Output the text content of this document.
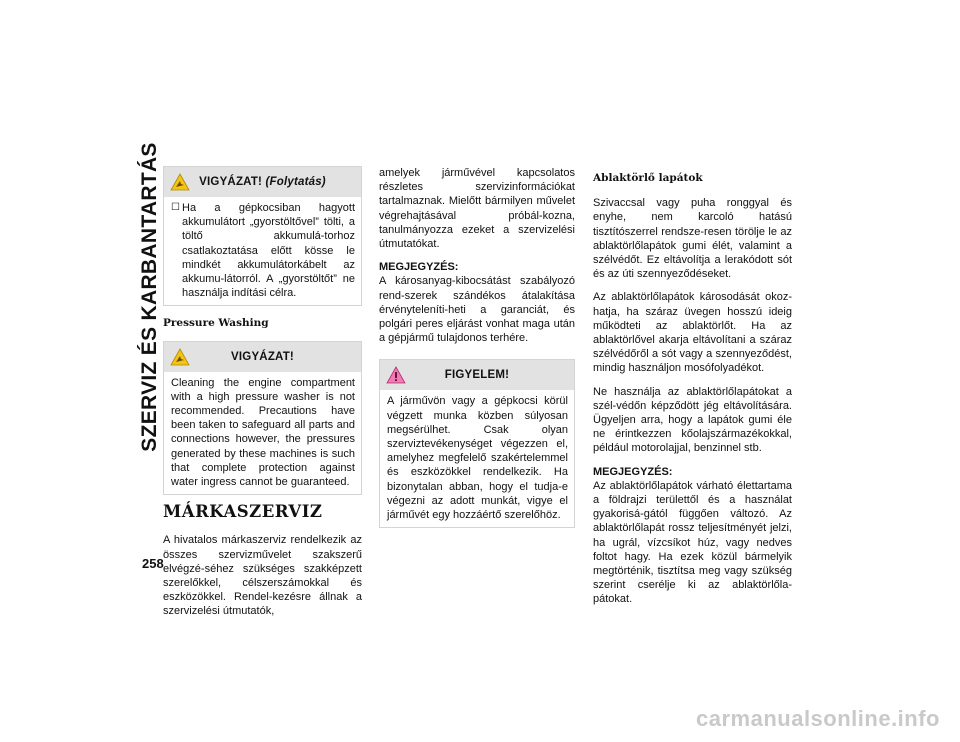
SZERVIZ ÉS KARBANTARTÁS
258
VIGYÁZAT! (Folytatás)
☐ Ha a gépkocsiban hagyott akkumulátort „gyorstöltővel” tölti, a töltő akkumulá-torhoz csatlakoztatása előtt kösse le mindkét akkumulátorkábelt az akkumu-látorról. A „gyorstöltőt” ne használja indítási célra.
Pressure Washing
VIGYÁZAT!
Cleaning the engine compartment with a high pressure washer is not recommended. Precautions have been taken to safeguard all parts and connections however, the pressures generated by these machines is such that complete protection against water ingress cannot be guaranteed.
MÁRKASZERVIZ

A hivatalos márkaszerviz rendelkezik az összes szervizművelet szakszerű elvégzé-séhez szükséges szakképzett szerelőkkel, célszerszámokkal és eszközökkel. Rendel-kezésre állnak a szervizelési útmutatók,

amelyek járművével kapcsolatos részletes szervizinformációkat tartalmaznak. Mielőtt bármilyen művelet végrehajtásával próbál-kozna, tanulmányozza ezeket a szervizelési útmutatókat.

MEGJEGYZÉS:
A károsanyag-kibocsátást szabályozó rend-szerek szándékos átalakítása érvényteleníti-heti a garanciát, és polgári peres eljárást vonhat maga után a gépjármű tulajdonos terhére.
FIGYELEM!
A járművön vagy a gépkocsi körül végzett munka közben súlyosan megsérülhet. Csak olyan szerviztevékenységet végezzen el, amelyhez megfelelő szakértelemmel és eszközökkel rendelkezik. Ha bizonytalan abban, hogy el tudja-e végezni az adott munkát, vigye el járművét egy hozzáértő szerelőhöz.
Ablaktörlő lapátok

Szivaccsal vagy puha ronggyal és enyhe, nem karcoló hatású tisztítószerrel rendsze-resen törölje le az ablaktörlőlapátok gumi élét, valamint a szélvédőt. Ez eltávolítja a lerakódott sót és az úti szennyeződéseket.

Az ablaktörlőlapátok károsodását okoz-hatja, ha száraz üvegen hosszú ideig működteti az ablaktörlőt. Ha az ablaktörlővel akarja eltávolítani a száraz szélvédőről a sót vagy a szennyeződést, mindig használjon mosófolyadékot.

Ne használja az ablaktörlőlapátokat a szél-védőn képződött jég eltávolítására. Ügyeljen arra, hogy a lapátok gumi éle ne érintkezzen kőolajszármazékokkal, például motorolajjal, benzinnel stb.

MEGJEGYZÉS:
Az ablaktörlőlapátok várható élettartama a földrajzi területtől és a használat gyakorisá-gától függően változó. Az ablaktörlőlapát rossz teljesítményét jelzi, ha ugrál, vízcsíkot húz, vagy nedves foltot hagy. Ha ezek közül bármelyik megtörténik, tisztítsa meg vagy szükség szerint cserélje ki az ablaktörlőla-pátokat.
carmanualsonline.info
